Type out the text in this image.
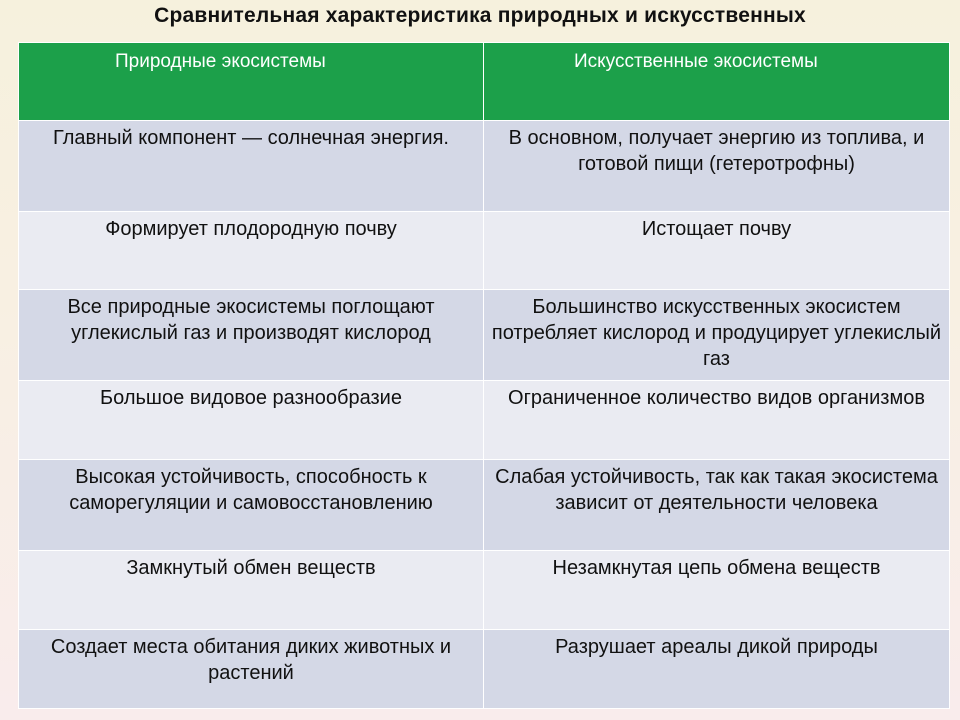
Сравнительная характеристика природных и искусственных
Природные экосистемы	Искусственные экосистемы

Главный компонент — солнечная энергия.	В основном, получает энергию из топлива, и готовой пищи (гетеротрофны)

Формирует плодородную почву	Истощает почву

Все природные экосистемы поглощают углекислый газ и производят кислород	Большинство искусственных экосистем потребляет кислород и продуцирует углекислый газ

Большое видовое разнообразие	Ограниченное количество видов организмов

Высокая устойчивость, способность к саморегуляции и самовосстановлению	Слабая устойчивость, так как такая экосистема зависит от деятельности человека

Замкнутый обмен веществ	Незамкнутая цепь обмена веществ

Создает места обитания диких животных и растений	Разрушает ареалы дикой природы
